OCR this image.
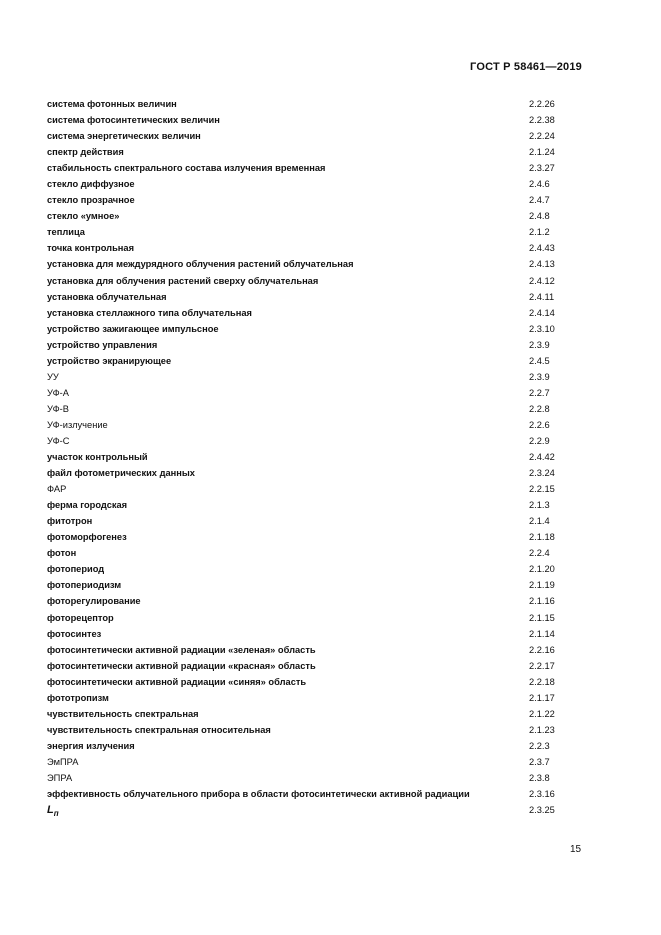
ГОСТ Р 58461—2019
система фотонных величин	2.2.26
система фотосинтетических величин	2.2.38
система энергетических величин	2.2.24
спектр действия	2.1.24
стабильность спектрального состава излучения временная	2.3.27
стекло диффузное	2.4.6
стекло прозрачное	2.4.7
стекло «умное»	2.4.8
теплица	2.1.2
точка контрольная	2.4.43
установка для междурядного облучения растений облучательная	2.4.13
установка для облучения растений сверху облучательная	2.4.12
установка облучательная	2.4.11
установка стеллажного типа облучательная	2.4.14
устройство зажигающее импульсное	2.3.10
устройство управления	2.3.9
устройство экранирующее	2.4.5
УУ	2.3.9
УФ-А	2.2.7
УФ-В	2.2.8
УФ-излучение	2.2.6
УФ-С	2.2.9
участок контрольный	2.4.42
файл фотометрических данных	2.3.24
ФАР	2.2.15
ферма городская	2.1.3
фитотрон	2.1.4
фотоморфогенез	2.1.18
фотон	2.2.4
фотопериод	2.1.20
фотопериодизм	2.1.19
фоторегулирование	2.1.16
фоторецептор	2.1.15
фотосинтез	2.1.14
фотосинтетически активной радиации «зеленая» область	2.2.16
фотосинтетически активной радиации «красная» область	2.2.17
фотосинтетически активной радиации «синяя» область	2.2.18
фототропизм	2.1.17
чувствительность спектральная	2.1.22
чувствительность спектральная относительная	2.1.23
энергия излучения	2.2.3
ЭмПРА	2.3.7
ЭПРА	2.3.8
эффективность облучательного прибора в области фотосинтетически активной радиации	2.3.16
$L_п$	2.3.25
15
